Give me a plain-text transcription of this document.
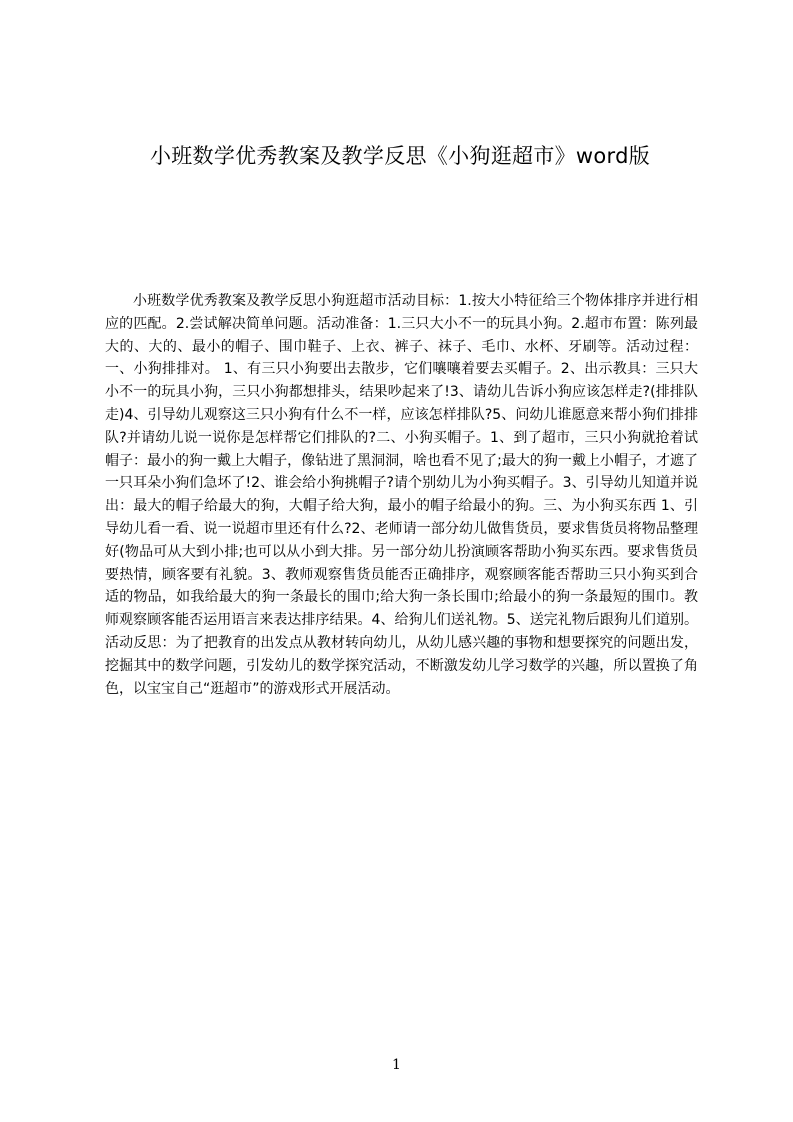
小班数学优秀教案及教学反思《小狗逛超市》word版

小班数学优秀教案及教学反思小狗逛超市活动目标：1.按大小特征给三个物体排序并进行相应的匹配。2.尝试解决简单问题。活动准备：1.三只大小不一的玩具小狗。2.超市布置：陈列最大的、大的、最小的帽子、围巾鞋子、上衣、裤子、袜子、毛巾、水杯、牙刷等。活动过程：一、小狗排排对。 1、有三只小狗要出去散步，它们嚷嚷着要去买帽子。2、出示教具：三只大小不一的玩具小狗，三只小狗都想排头，结果吵起来了!3、请幼儿告诉小狗应该怎样走?(排排队走)4、引导幼儿观察这三只小狗有什么不一样，应该怎样排队?5、问幼儿谁愿意来帮小狗们排排队?并请幼儿说一说你是怎样帮它们排队的?二、小狗买帽子。1、到了超市，三只小狗就抢着试帽子：最小的狗一戴上大帽子，像钻进了黑洞洞，啥也看不见了;最大的狗一戴上小帽子，才遮了一只耳朵小狗们急坏了!2、谁会给小狗挑帽子?请个别幼儿为小狗买帽子。3、引导幼儿知道并说出：最大的帽子给最大的狗，大帽子给大狗，最小的帽子给最小的狗。三、为小狗买东西 1、引导幼儿看一看、说一说超市里还有什么?2、老师请一部分幼儿做售货员，要求售货员将物品整理好(物品可从大到小排;也可以从小到大排。另一部分幼儿扮演顾客帮助小狗买东西。要求售货员要热情，顾客要有礼貌。3、教师观察售货员能否正确排序，观察顾客能否帮助三只小狗买到合适的物品，如我给最大的狗一条最长的围巾;给大狗一条长围巾;给最小的狗一条最短的围巾。教师观察顾客能否运用语言来表达排序结果。4、给狗儿们送礼物。5、送完礼物后跟狗儿们道别。活动反思：为了把教育的出发点从教材转向幼儿，从幼儿感兴趣的事物和想要探究的问题出发，挖掘其中的数学问题，引发幼儿的数学探究活动，不断激发幼儿学习数学的兴趣，所以置换了角色，以宝宝自己“逛超市”的游戏形式开展活动。

1
